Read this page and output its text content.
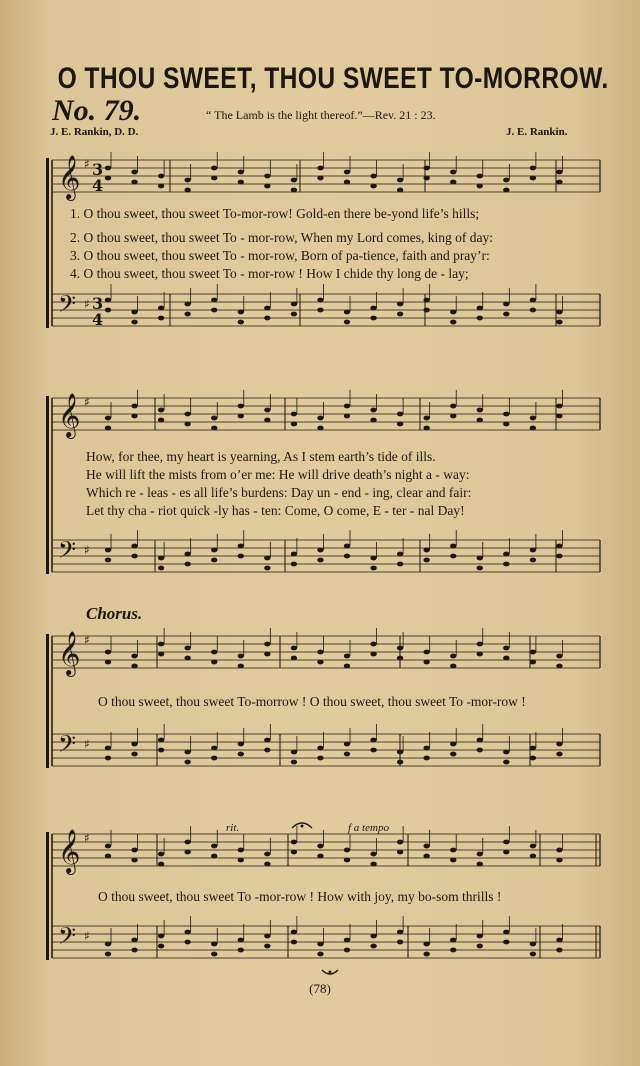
𝄞 ♯ 3
4
𝄢 ♯ 3
4
𝄞 ♯
𝄢 ♯
𝄞 ♯
𝄢 ♯
𝄞 ♯
𝄢 ♯
O THOU SWEET, THOU SWEET TO-MORROW.
No. 79.	“ The Lamb is the light thereof.”—Rev. 21 : 23.
J. E. Rankin, D. D.	J. E. Rankin.
1. O thou sweet, thou sweet To-mor-row! Gold-en there be-yond life’s hills;
2. O thou sweet, thou sweet To - mor-row, When my Lord comes, king of day:
3. O thou sweet, thou sweet To - mor-row, Born of pa-tience, faith and pray’r:
4. O thou sweet, thou sweet To - mor-row ! How I chide thy long de - lay;
How, for thee, my heart is yearning, As I stem earth’s tide of ills.
He will lift the mists from o’er me: He will drive death’s night a - way:
Which re - leas - es all life’s burdens: Day un - end - ing, clear and fair:
Let thy cha - riot quick -ly has - ten: Come, O come, E - ter - nal Day!
Chorus.
O thou sweet, thou sweet To-morrow ! O thou sweet, thou sweet To -mor-row !
O thou sweet, thou sweet To -mor-row ! How with joy, my bo-som thrills !
rit.	f a tempo
(78)
